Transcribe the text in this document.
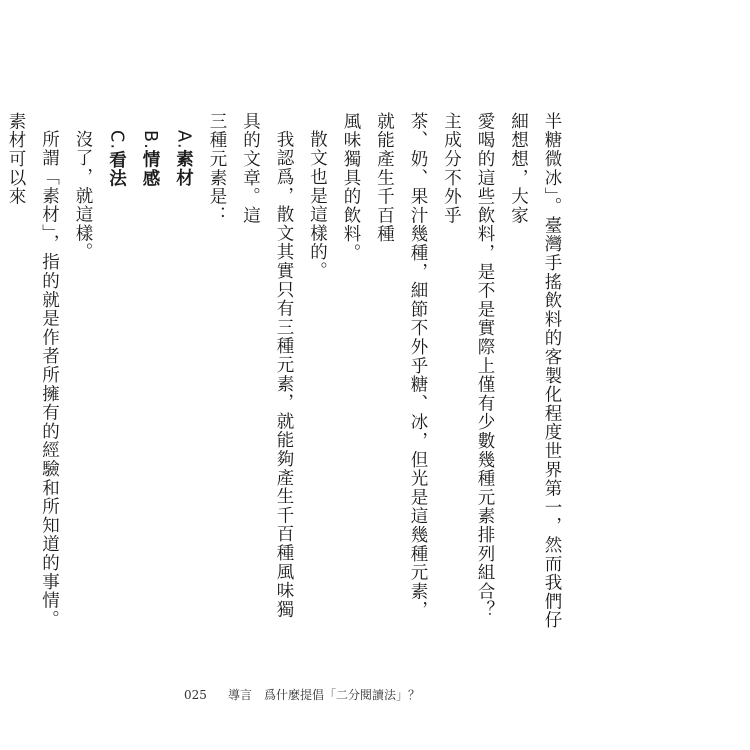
半糖微冰」。臺灣手搖飲料的客製化程度世界第一，然而我們仔細想想，大家

愛喝的這些飲料，是不是實際上僅有少數幾種元素排列組合？主成分不外乎

茶、奶、果汁幾種，細節不外乎糖、冰，但光是這幾種元素，就能產生千百種

風味獨具的飲料。

散文也是這樣的。

我認爲，散文其實只有三種元素，就能夠產生千百種風味獨具的文章。這

三種元素是：

A.素材

B.情感

C.看法

沒了，就這樣。

所謂「素材」，指的就是作者所擁有的經驗和所知道的事情。素材可以來

025 導言　爲什麼提倡「二分閱讀法」？
